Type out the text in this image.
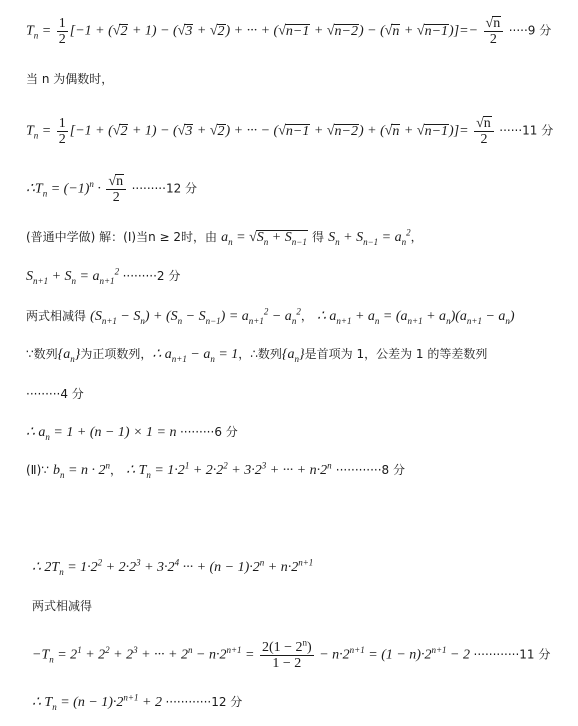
$T_n = \frac{1}{2} [-1 + (√2 + 1) - (√3 + √2)$ + ··· + $(√n-1 + √n-2) - (√n + √n-1)]=- \frac{√n}{2} \cdot\cdot\cdot\cdot\cdot 9$ 分
当 n 为偶数时，
$T_n = \frac{1}{2} [-1 + (√2 + 1) - (√3 + √2)$ + ··· − $(√n-1 + √n-2) + (√n + √n-1)]= \frac{√n}{2} \cdot\cdot\cdot\cdot\cdot\cdot 11$ 分
$\therefore T_n = (-1)^n \cdot \frac{√n}{2} \cdot\cdot\cdot\cdot\cdot\cdot\cdot\cdot\cdot 12$ 分
(普通中学做) 解：(Ⅰ)当n ≥ 2时，由 $a_n = √S_n + S_{n-1}$ 得 $S_n + S_{n-1} = a_n^2$，
$S_{n+1} + S_n = a_{n+1}^2 \cdot\cdot\cdot\cdot\cdot\cdot\cdot\cdot\cdot 2$ 分
两式相减得 $(S_{n+1} - S_n) + (S_n - S_{n-1}) = a_{n+1}^2 - a_n^2$， ∴ $a_{n+1} + a_n = (a_{n+1} + a_n)(a_{n+1} - a_n)$
∵数列$\{a_n\}$为正项数列，∴ $a_{n+1} - a_n = 1$，∴数列$\{a_n\}$是首项为 1，公差为 1 的等差数列
·········4 分
∴ $a_n = 1 + (n - 1) \times 1 = n \cdot\cdot\cdot\cdot\cdot\cdot\cdot\cdot\cdot 6$ 分
(Ⅱ)∵ $b_n = n \cdot 2^n$， ∴ $T_n = 1\cdot 2^1 + 2\cdot 2^2 + 3\cdot 2^3$ + ··· + $n\cdot 2^n \cdot\cdot\cdot\cdot\cdot\cdot\cdot\cdot\cdot\cdot\cdot\cdot 8$ 分
∴ $2T_n = 1\cdot 2^2 + 2\cdot 2^3 + 3\cdot 2^4$ ··· + $(n - 1)\cdot 2^n + n\cdot 2^{n+1}$
两式相减得
$-T_n = 2^1 + 2^2 + 2^3$ + ··· + $2^n - n\cdot 2^{n+1} = \frac{2(1 - 2^n)}{1 - 2} - n\cdot 2^{n+1} = (1 - n)\cdot 2^{n+1} - 2 \cdot\cdot\cdot\cdot\cdot\cdot\cdot\cdot\cdot\cdot\cdot\cdot 11$ 分
∴ $T_n = (n - 1)\cdot 2^{n+1} + 2 \cdot\cdot\cdot\cdot\cdot\cdot\cdot\cdot\cdot\cdot\cdot\cdot 12$ 分
